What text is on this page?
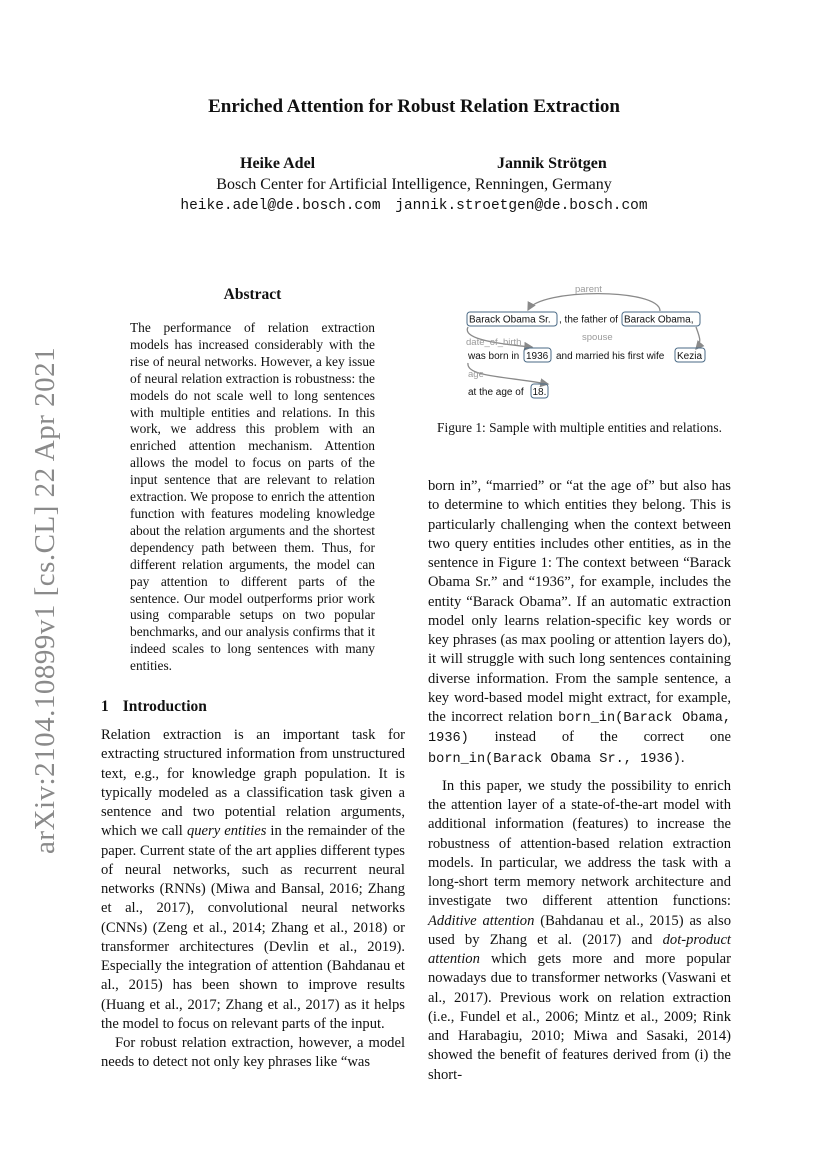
Enriched Attention for Robust Relation Extraction
Heike Adel	Jannik Strötgen
Bosch Center for Artificial Intelligence, Renningen, Germany
heike.adel@de.bosch.com jannik.stroetgen@de.bosch.com
arXiv:2104.10899v1 [cs.CL] 22 Apr 2021
Abstract
The performance of relation extraction models has increased considerably with the rise of neural networks. However, a key issue of neural relation extraction is robustness: the models do not scale well to long sentences with multiple entities and relations. In this work, we address this problem with an enriched attention mechanism. Attention allows the model to focus on parts of the input sentence that are relevant to relation extraction. We propose to enrich the attention function with features modeling knowledge about the relation arguments and the shortest dependency path between them. Thus, for different relation arguments, the model can pay attention to different parts of the sentence. Our model outperforms prior work using comparable setups on two popular benchmarks, and our analysis confirms that it indeed scales to long sentences with many entities.
1 Introduction

Relation extraction is an important task for extracting structured information from unstructured text, e.g., for knowledge graph population. It is typically modeled as a classification task given a sentence and two potential relation arguments, which we call query entities in the remainder of the paper. Current state of the art applies different types of neural networks, such as recurrent neural networks (RNNs) (Miwa and Bansal, 2016; Zhang et al., 2017), convolutional neural networks (CNNs) (Zeng et al., 2014; Zhang et al., 2018) or transformer architectures (Devlin et al., 2019). Especially the integration of attention (Bahdanau et al., 2015) has been shown to improve results (Huang et al., 2017; Zhang et al., 2017) as it helps the model to focus on relevant parts of the input.

For robust relation extraction, however, a model needs to detect not only key phrases like “was

parent
Barack Obama Sr. , the father of Barack Obama,
spouse
date_of_birth
was born in 1936 and married his first wife Kezia
age
at the age of 18.
Figure 1: Sample with multiple entities and relations.

born in”, “married” or “at the age of” but also has to determine to which entities they belong. This is particularly challenging when the context between two query entities includes other entities, as in the sentence in Figure 1: The context between “Barack Obama Sr.” and “1936”, for example, includes the entity “Barack Obama”. If an automatic extraction model only learns relation-specific key words or key phrases (as max pooling or attention layers do), it will struggle with such long sentences containing diverse information. From the sample sentence, a key word-based model might extract, for example, the incorrect relation born_in(Barack Obama, 1936) instead of the correct one born_in(Barack Obama Sr., 1936).

In this paper, we study the possibility to enrich the attention layer of a state-of-the-art model with additional information (features) to increase the robustness of attention-based relation extraction models. In particular, we address the task with a long-short term memory network architecture and investigate two different attention functions: Additive attention (Bahdanau et al., 2015) as also used by Zhang et al. (2017) and dot-product attention which gets more and more popular nowadays due to transformer networks (Vaswani et al., 2017). Previous work on relation extraction (i.e., Fundel et al., 2006; Mintz et al., 2009; Rink and Harabagiu, 2010; Miwa and Sasaki, 2014) showed the benefit of features derived from (i) the short-
